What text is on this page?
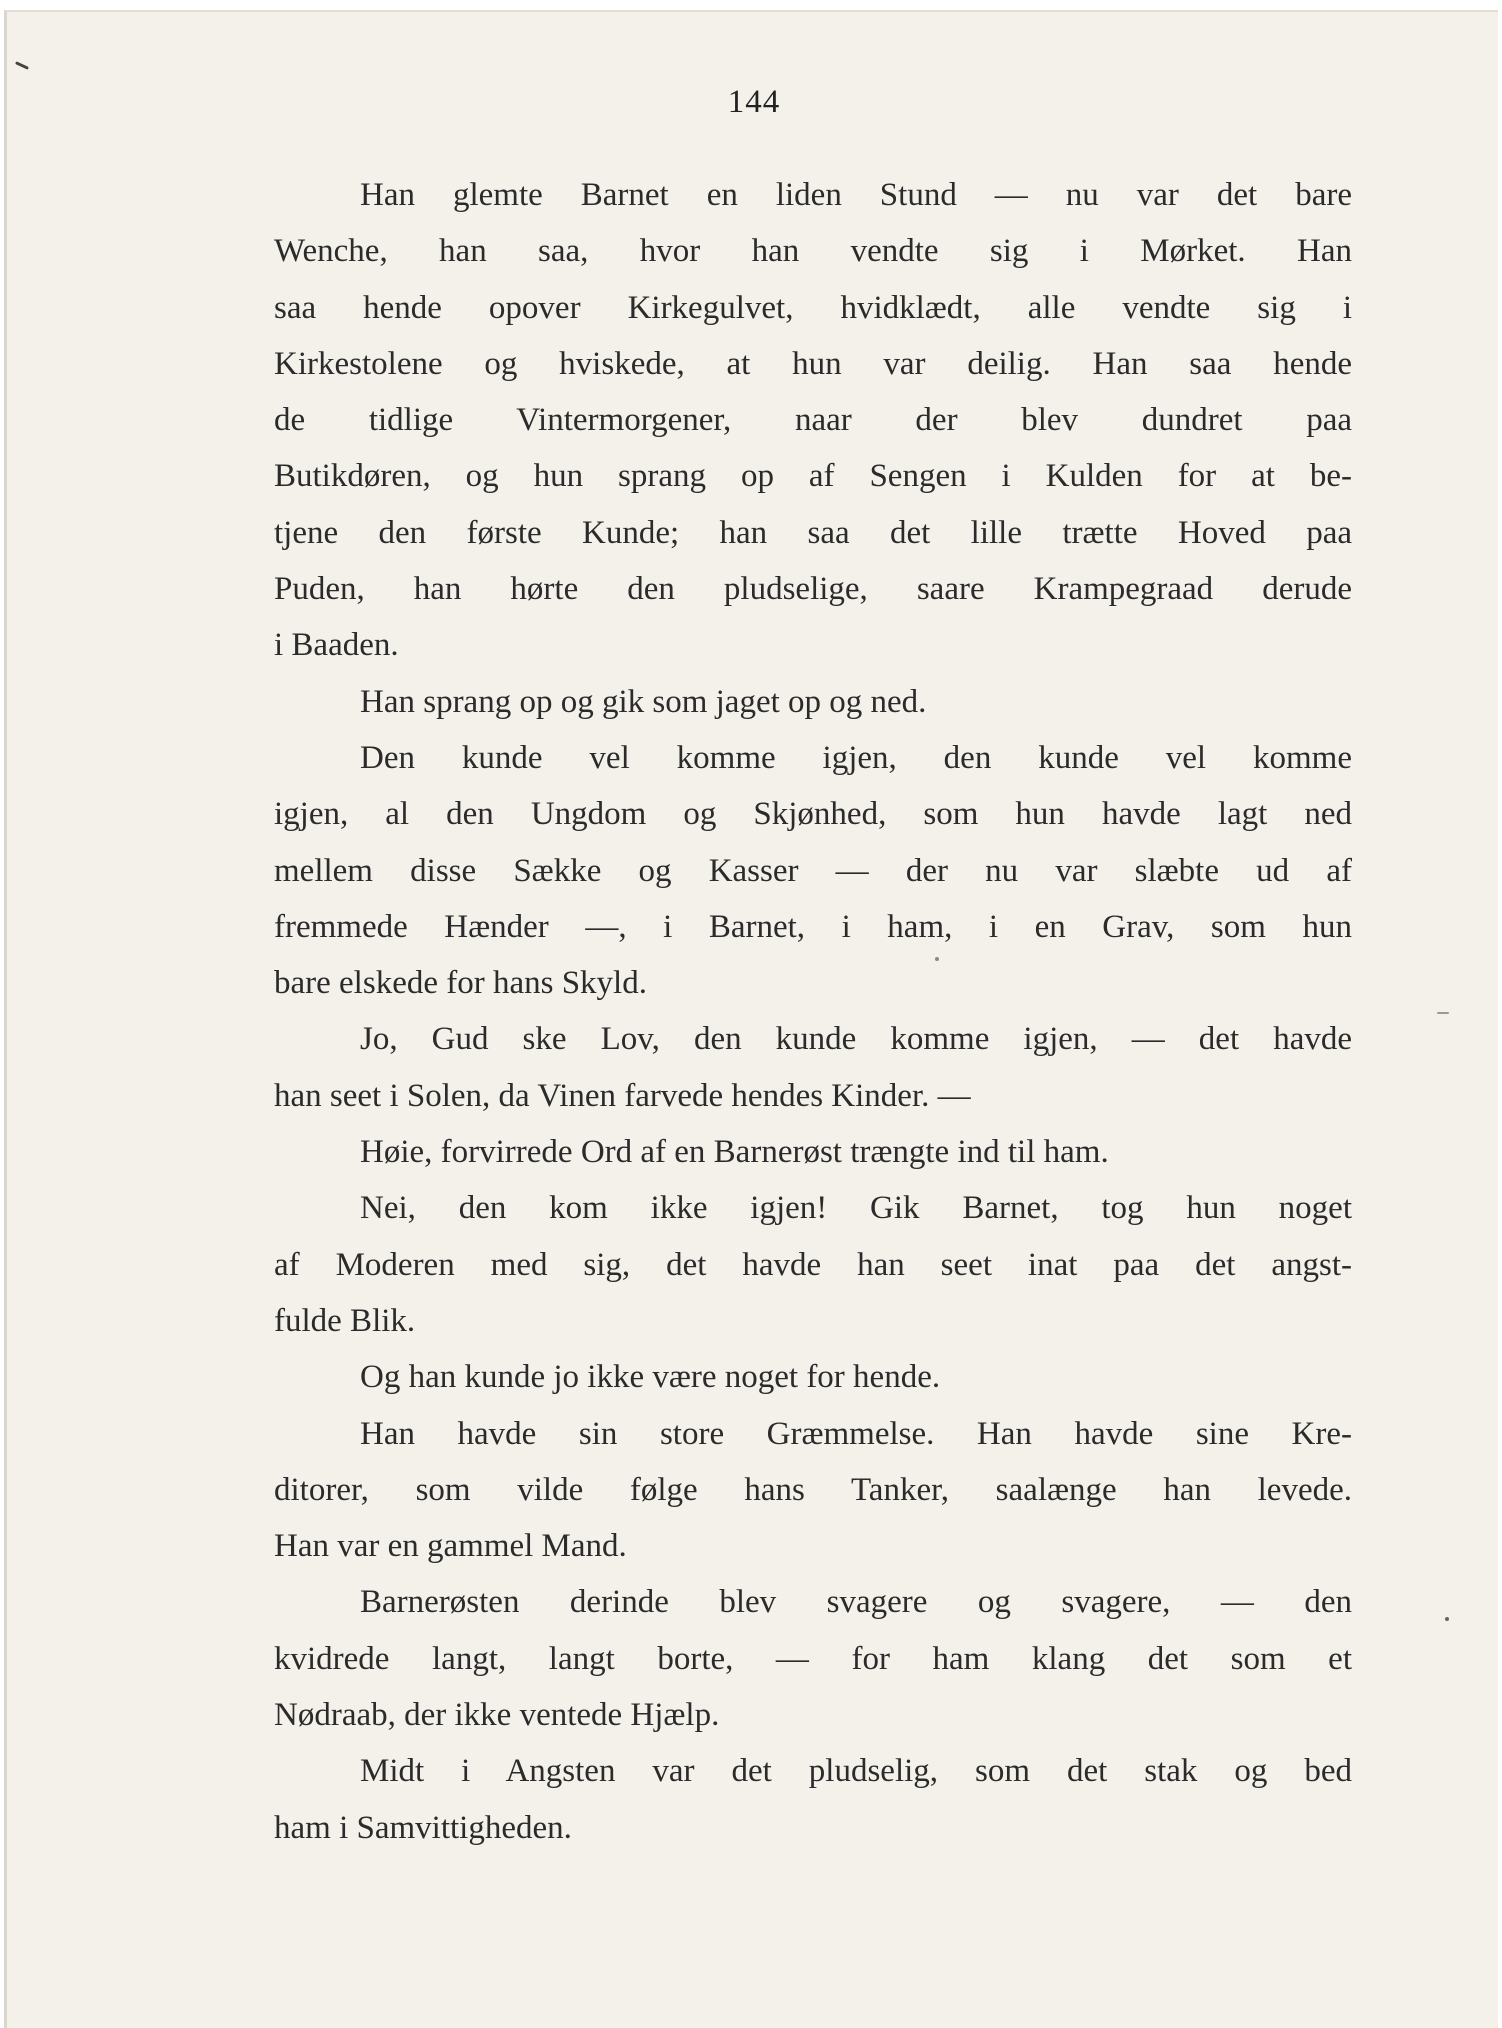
144
Han glemte Barnet en liden Stund — nu var det bare
Wenche, han saa, hvor han vendte sig i Mørket. Han
saa hende opover Kirkegulvet, hvidklædt, alle vendte sig i
Kirkestolene og hviskede, at hun var deilig. Han saa hende
de tidlige Vintermorgener, naar der blev dundret paa
Butikdøren, og hun sprang op af Sengen i Kulden for at be-
tjene den første Kunde; han saa det lille trætte Hoved paa
Puden, han hørte den pludselige, saare Krampegraad derude
i Baaden.
Han sprang op og gik som jaget op og ned.
Den kunde vel komme igjen, den kunde vel komme
igjen, al den Ungdom og Skjønhed, som hun havde lagt ned
mellem disse Sække og Kasser — der nu var slæbte ud af
fremmede Hænder —, i Barnet, i ham, i en Grav, som hun
bare elskede for hans Skyld.
Jo, Gud ske Lov, den kunde komme igjen, — det havde
han seet i Solen, da Vinen farvede hendes Kinder. —
Høie, forvirrede Ord af en Barnerøst trængte ind til ham.
Nei, den kom ikke igjen! Gik Barnet, tog hun noget
af Moderen med sig, det havde han seet inat paa det angst-
fulde Blik.
Og han kunde jo ikke være noget for hende.
Han havde sin store Græmmelse. Han havde sine Kre-
ditorer, som vilde følge hans Tanker, saalænge han levede.
Han var en gammel Mand.
Barnerøsten derinde blev svagere og svagere, — den
kvidrede langt, langt borte, — for ham klang det som et
Nødraab, der ikke ventede Hjælp.
Midt i Angsten var det pludselig, som det stak og bed
ham i Samvittigheden.
